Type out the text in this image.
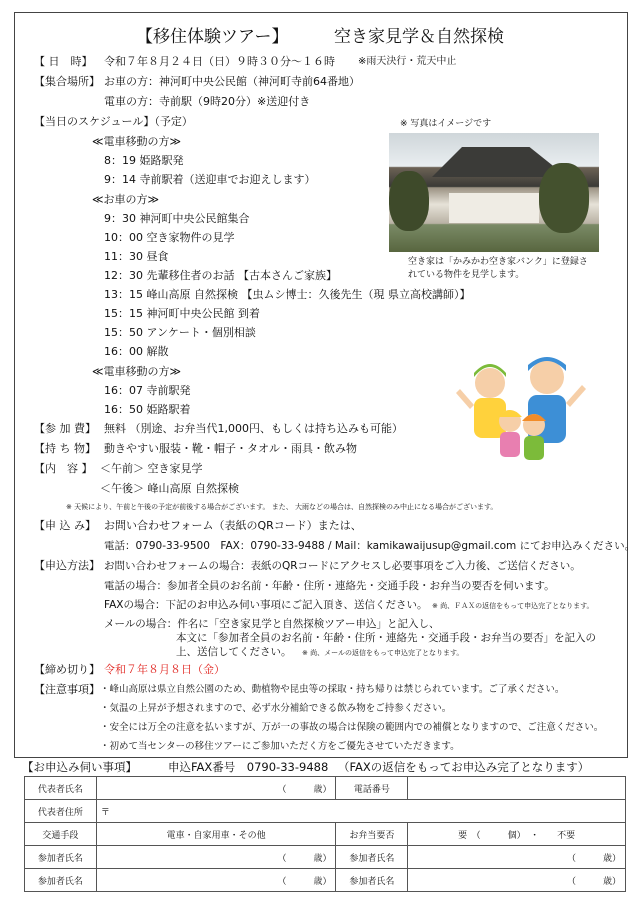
【移住体験ツアー】	空き家見学＆自然探検
【 日　時】 令和７年８月２４日（日）９時３０分～１６時 ※雨天決行・荒天中止
【集合場所】 お車の方：神河町中央公民館（神河町寺前64番地）
電車の方：寺前駅（9時20分）※送迎付き
【当日のスケジュール】（予定）
≪電車移動の方≫
8：19 姫路駅発
9：14 寺前駅着（送迎車でお迎えします）
≪お車の方≫
9：30 神河町中央公民館集合
10：00 空き家物件の見学
11：30 昼食
12：30 先輩移住者のお話 【古本さんご家族】
13：15 峰山高原 自然探検 【虫ムシ博士：久後先生（現 県立高校講師）】
15：15 神河町中央公民館 到着
15：50 アンケート・個別相談
16：00 解散
≪電車移動の方≫
16：07 寺前駅発
16：50 姫路駅着
※ 写真はイメージです
空き家は「かみかわ空き家バンク」に登録さ
れている物件を見学します。
【参 加 費】 無料 （別途、お弁当代1,000円、もしくは持ち込みも可能）
【持 ち 物】 動きやすい服装・靴・帽子・タオル・雨具・飲み物
【内　容 】 ＜午前＞ 空き家見学
＜午後＞ 峰山高原 自然探検
※ 天候により、午前と午後の予定が前後する場合がございます。 また、 大雨などの場合は、自然探検のみ中止になる場合がございます。
【申 込 み】 お問い合わせフォーム（表紙のQRコード）または、
電話：0790-33-9500　FAX：0790-33-9488 / Mail：kamikawaijusup@gmail.com にてお申込みください。
【申込方法】 お問い合わせフォームの場合：表紙のQRコードにアクセスし必要事項をご入力後、ご送信ください。
電話の場合：参加者全員のお名前・年齢・住所・連絡先・交通手段・お弁当の要否を伺います。
FAXの場合：下記のお申込み伺い事項にご記入頂き、送信ください。 ※ 尚、ＦＡＸの返信をもって申込完了となります。
メールの場合：件名に「空き家見学と自然探検ツアー申込」と記入し、
本文に「参加者全員のお名前・年齢・住所・連絡先・交通手段・お弁当の要否」を記入の
上、送信してください。 ※ 尚、メールの返信をもって申込完了となります。
【締め切り】 令和７年８月８日（金）
【注意事項】 ・峰山高原は県立自然公園のため、動植物や昆虫等の採取・持ち帰りは禁じられています。ご了承ください。
・気温の上昇が予想されますので、必ず水分補給できる飲み物をご持参ください。
・安全には万全の注意を払いますが、万が一の事故の場合は保険の範囲内での補償となりますので、ご注意ください。
・初めて当センターの移住ツアーにご参加いただく方をご優先させていただきます。
【お申込み伺い事項】	申込FAX番号　0790-33-9488 （FAXの返信をもってお申込み完了となります）
代表者氏名	（　　　歳）	電話番号	
代表者住所	〒		
交通手段	電車・自家用車・その他	お弁当要否	要　（　　　個）　・　　不要
参加者氏名	（　　　歳）	参加者氏名	（　　　歳）
参加者氏名	（　　　歳）	参加者氏名	（　　　歳）
